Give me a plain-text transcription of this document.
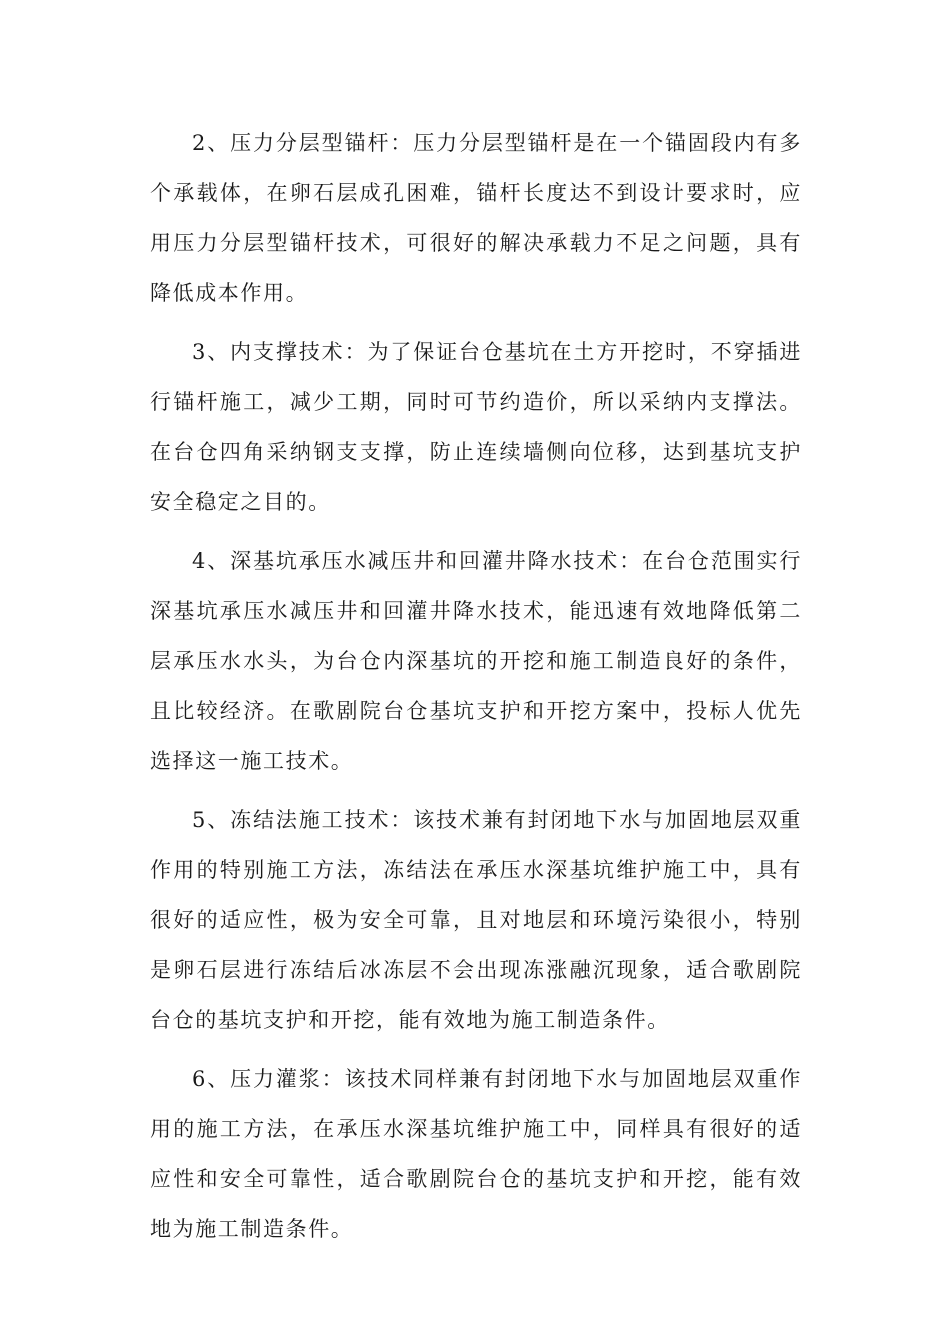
2、压力分层型锚杆：压力分层型锚杆是在一个锚固段内有多个承载体，在卵石层成孔困难，锚杆长度达不到设计要求时，应用压力分层型锚杆技术，可很好的解决承载力不足之问题，具有降低成本作用。

3、内支撑技术：为了保证台仓基坑在土方开挖时，不穿插进行锚杆施工，减少工期，同时可节约造价，所以采纳内支撑法。在台仓四角采纳钢支支撑，防止连续墙侧向位移，达到基坑支护安全稳定之目的。

4、深基坑承压水减压井和回灌井降水技术：在台仓范围实行深基坑承压水减压井和回灌井降水技术，能迅速有效地降低第二层承压水水头，为台仓内深基坑的开挖和施工制造良好的条件，且比较经济。在歌剧院台仓基坑支护和开挖方案中，投标人优先选择这一施工技术。

5、冻结法施工技术：该技术兼有封闭地下水与加固地层双重作用的特别施工方法，冻结法在承压水深基坑维护施工中，具有很好的适应性，极为安全可靠，且对地层和环境污染很小，特别是卵石层进行冻结后冰冻层不会出现冻涨融沉现象，适合歌剧院台仓的基坑支护和开挖，能有效地为施工制造条件。

6、压力灌浆：该技术同样兼有封闭地下水与加固地层双重作用的施工方法，在承压水深基坑维护施工中，同样具有很好的适应性和安全可靠性，适合歌剧院台仓的基坑支护和开挖，能有效地为施工制造条件。
